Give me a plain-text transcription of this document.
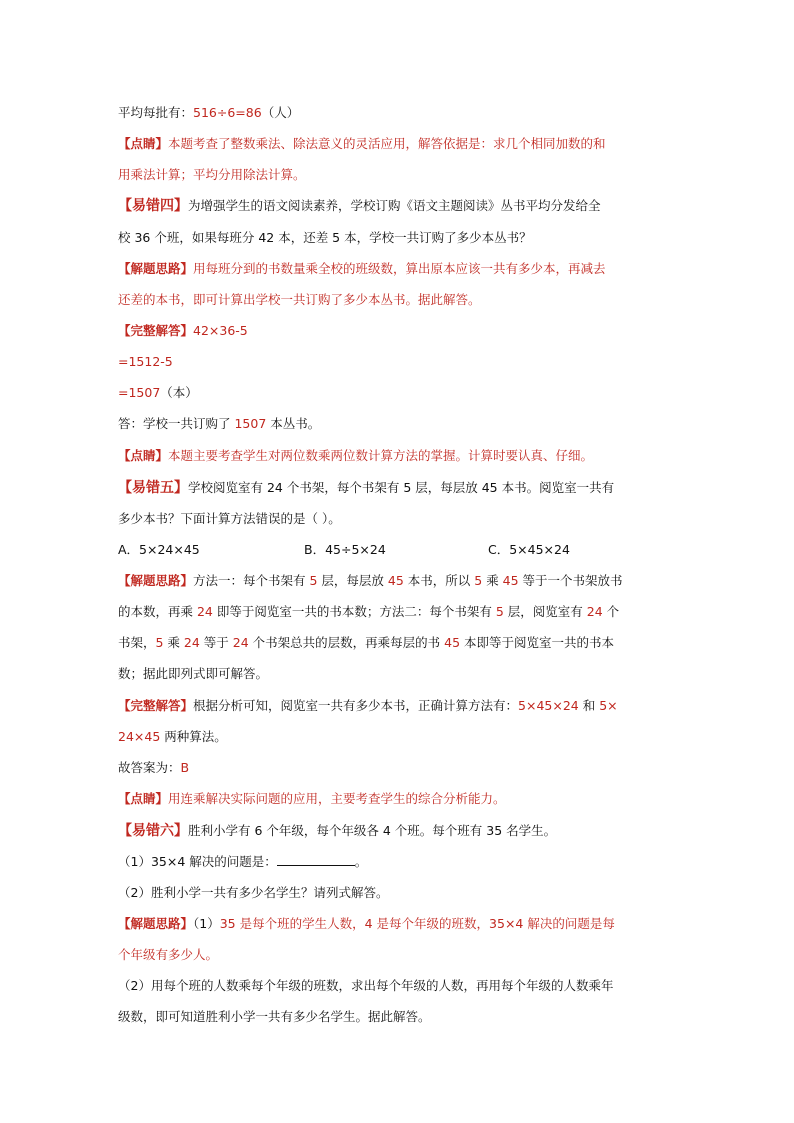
平均每批有：516÷6=86（人）
【点睛】本题考查了整数乘法、除法意义的灵活应用，解答依据是：求几个相同加数的和
用乘法计算；平均分用除法计算。
【易错四】为增强学生的语文阅读素养，学校订购《语文主题阅读》丛书平均分发给全
校 36 个班，如果每班分 42 本，还差 5 本，学校一共订购了多少本丛书？
【解题思路】用每班分到的书数量乘全校的班级数，算出原本应该一共有多少本，再减去
还差的本书，即可计算出学校一共订购了多少本丛书。据此解答。
【完整解答】42×36-5
=1512-5
=1507（本）
答：学校一共订购了 1507 本丛书。
【点睛】本题主要考查学生对两位数乘两位数计算方法的掌握。计算时要认真、仔细。
【易错五】学校阅览室有 24 个书架，每个书架有 5 层，每层放 45 本书。阅览室一共有
多少本书？下面计算方法错误的是（ ）。
A．5×24×45	B．45÷5×24	C．5×45×24
【解题思路】方法一：每个书架有 5 层，每层放 45 本书，所以 5 乘 45 等于一个书架放书
的本数，再乘 24 即等于阅览室一共的书本数；方法二：每个书架有 5 层，阅览室有 24 个
书架，5 乘 24 等于 24 个书架总共的层数，再乘每层的书 45 本即等于阅览室一共的书本
数；据此即列式即可解答。
【完整解答】根据分析可知，阅览室一共有多少本书，正确计算方法有：5×45×24 和 5×
24×45 两种算法。
故答案为：B
【点睛】用连乘解决实际问题的应用，主要考查学生的综合分析能力。
【易错六】胜利小学有 6 个年级，每个年级各 4 个班。每个班有 35 名学生。
（1）35×4 解决的问题是：	。
（2）胜利小学一共有多少名学生？请列式解答。
【解题思路】（1）35 是每个班的学生人数，4 是每个年级的班数，35×4 解决的问题是每
个年级有多少人。
（2）用每个班的人数乘每个年级的班数，求出每个年级的人数，再用每个年级的人数乘年
级数，即可知道胜利小学一共有多少名学生。据此解答。
